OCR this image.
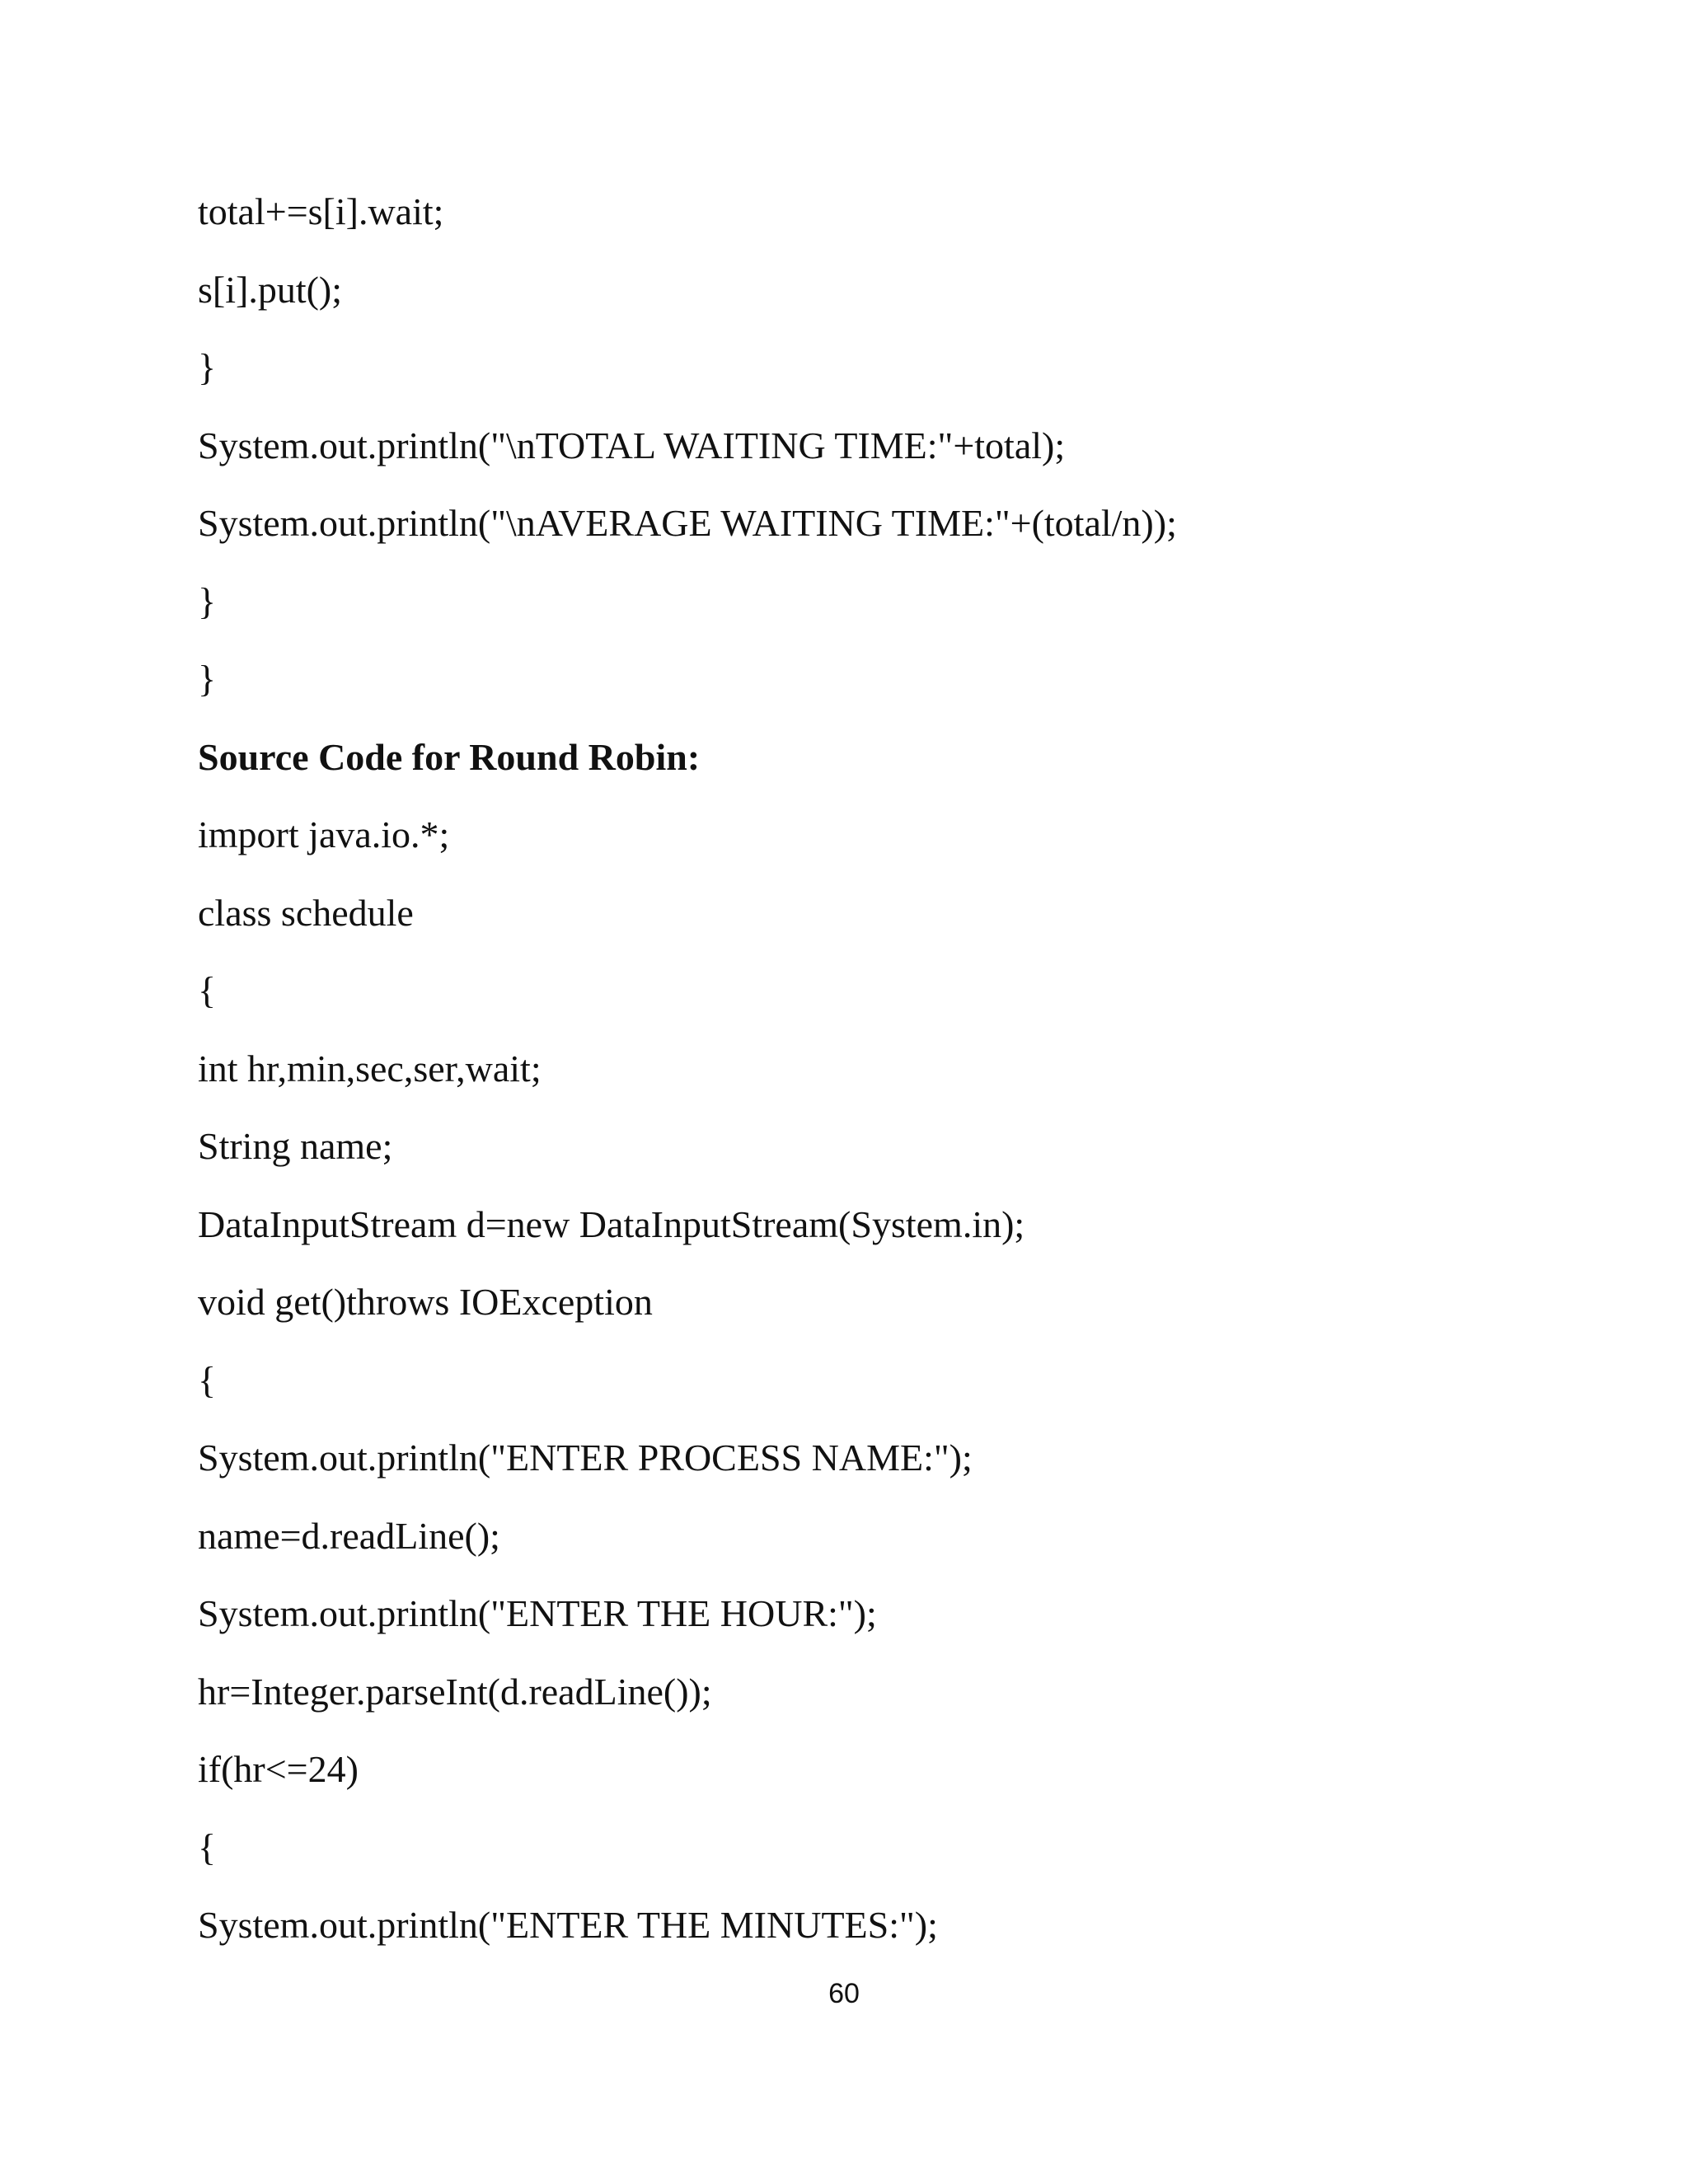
total+=s[i].wait;
s[i].put();
}
System.out.println("\nTOTAL WAITING TIME:"+total);
System.out.println("\nAVERAGE WAITING TIME:"+(total/n));
}
}
Source Code for Round Robin:
import java.io.*;
class schedule
{
int hr,min,sec,ser,wait;
String name;
DataInputStream d=new DataInputStream(System.in);
void get()throws IOException
{
System.out.println("ENTER PROCESS NAME:");
name=d.readLine();
System.out.println("ENTER THE HOUR:");
hr=Integer.parseInt(d.readLine());
if(hr<=24)
{
System.out.println("ENTER THE MINUTES:");
60
